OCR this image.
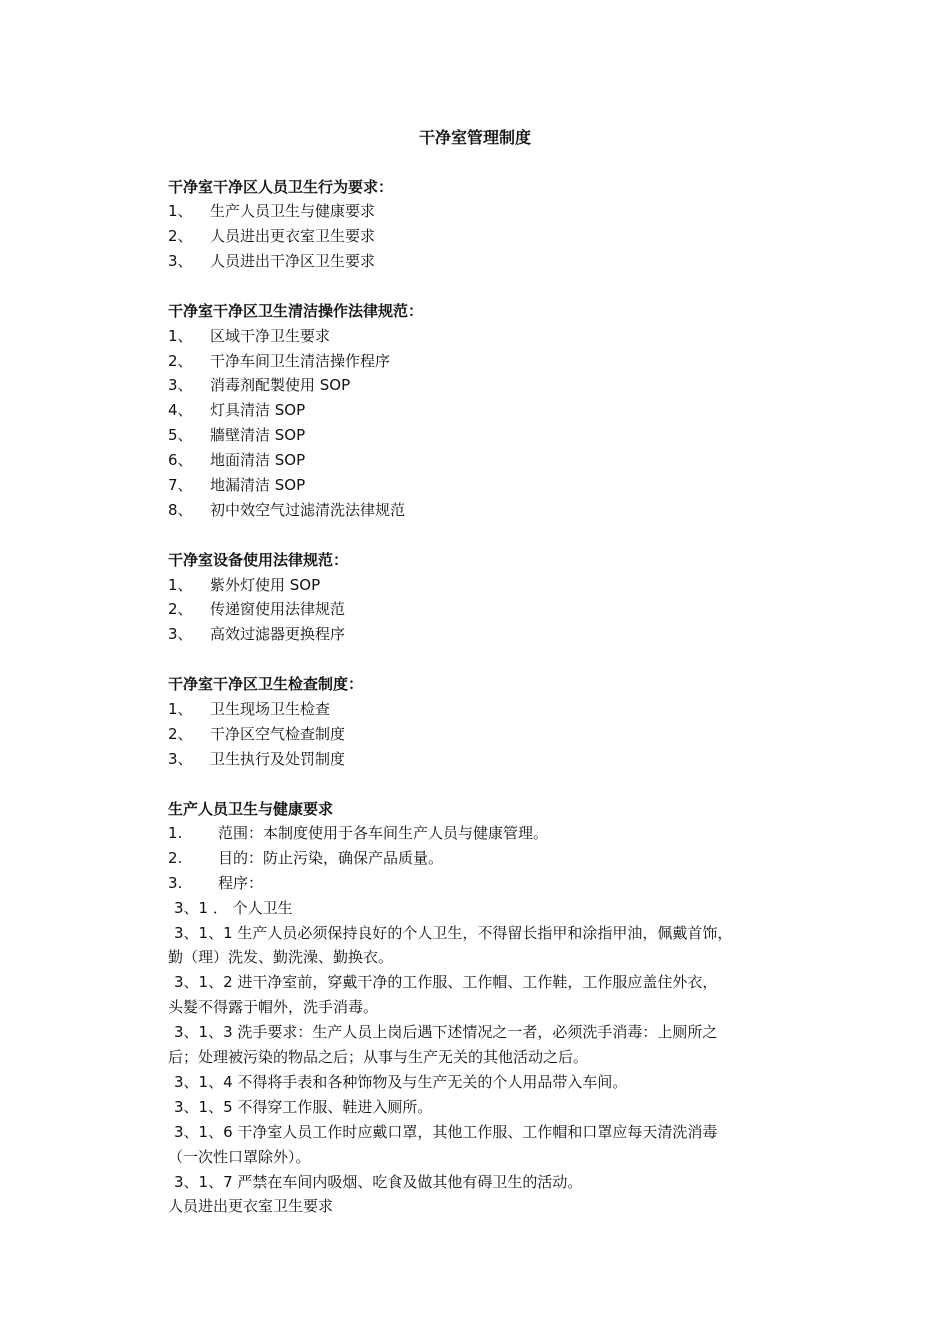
干净室管理制度
干净室干净区人员卫生行为要求：
1、 生产人员卫生与健康要求
2、 人员进出更衣室卫生要求
3、 人员进出干净区卫生要求
干净室干净区卫生清洁操作法律规范：
1、 区域干净卫生要求
2、 干净车间卫生清洁操作程序
3、 消毒剂配製使用 SOP
4、 灯具清洁 SOP
5、 牆壁清洁 SOP
6、 地面清洁 SOP
7、 地漏清洁 SOP
8、 初中效空气过滤清洗法律规范
干净室设备使用法律规范：
1、 紫外灯使用 SOP
2、 传递窗使用法律规范
3、 高效过滤器更换程序
干净室干净区卫生检查制度：
1、 卫生现场卫生检查
2、 干净区空气检查制度
3、 卫生执行及处罚制度
生产人员卫生与健康要求
1. 范围：本制度使用于各车间生产人员与健康管理。
2. 目的：防止污染，确保产品质量。
3. 程序：
3、1 ． 个人卫生
3、1、1 生产人员必须保持良好的个人卫生，不得留长指甲和涂指甲油，佩戴首饰，
勤（理）洗发、勤洗澡、勤换衣。
3、1、2 进干净室前，穿戴干净的工作服、工作帽、工作鞋，工作服应盖住外衣，
头髮不得露于帽外，洗手消毒。
3、1、3 洗手要求：生产人员上岗后遇下述情况之一者，必须洗手消毒：上厕所之
后；处理被污染的物品之后；从事与生产无关的其他活动之后。
3、1、4 不得将手表和各种饰物及与生产无关的个人用品带入车间。
3、1、5 不得穿工作服、鞋进入厕所。
3、1、6 干净室人员工作时应戴口罩，其他工作服、工作帽和口罩应每天清洗消毒
（一次性口罩除外）。
3、1、7 严禁在车间内吸烟、吃食及做其他有碍卫生的活动。
人员进出更衣室卫生要求
